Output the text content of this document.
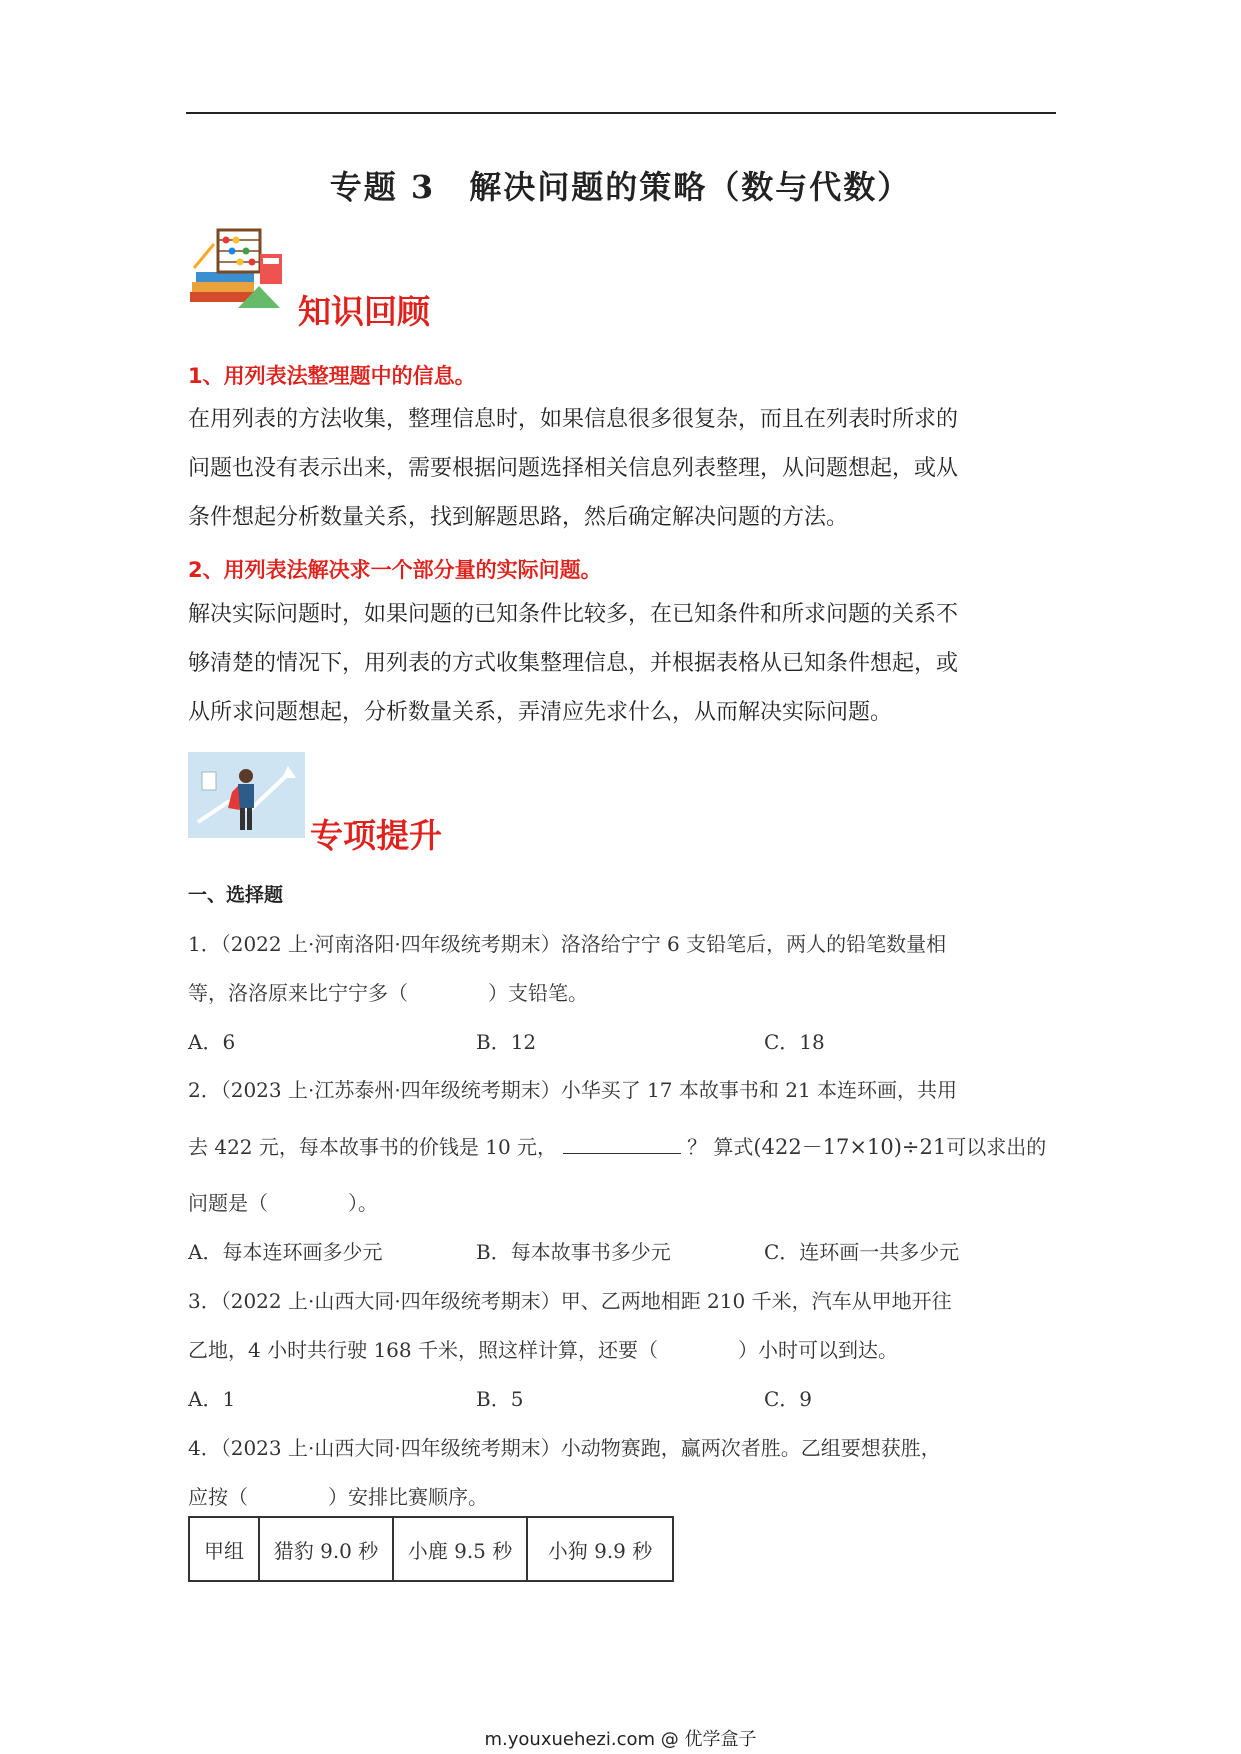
专题 3　解决问题的策略（数与代数）
知识回顾
1、用列表法整理题中的信息。
在用列表的方法收集，整理信息时，如果信息很多很复杂，而且在列表时所求的
问题也没有表示出来，需要根据问题选择相关信息列表整理，从问题想起，或从
条件想起分析数量关系，找到解题思路，然后确定解决问题的方法。
2、用列表法解决求一个部分量的实际问题。
解决实际问题时，如果问题的已知条件比较多，在已知条件和所求问题的关系不
够清楚的情况下，用列表的方式收集整理信息，并根据表格从已知条件想起，或
从所求问题想起，分析数量关系，弄清应先求什么，从而解决实际问题。
专项提升
一、选择题
1．（2022 上·河南洛阳·四年级统考期末）洛洛给宁宁 6 支铅笔后，两人的铅笔数量相
等，洛洛原来比宁宁多（　　　　）支铅笔。
A．6	B．12	C．18
2．（2023 上·江苏泰州·四年级统考期末）小华买了 17 本故事书和 21 本连环画，共用
去 422 元，每本故事书的价钱是 10 元，	？ 算式(422－17×10)÷21可以求出的
问题是（　　　　）。
A．每本连环画多少元	B．每本故事书多少元	C．连环画一共多少元
3．（2022 上·山西大同·四年级统考期末）甲、乙两地相距 210 千米，汽车从甲地开往
乙地，4 小时共行驶 168 千米，照这样计算，还要（　　　　）小时可以到达。
A．1	B．5	C．9
4．（2023 上·山西大同·四年级统考期末）小动物赛跑，赢两次者胜。乙组要想获胜，
应按（　　　　）安排比赛顺序。
甲组	猎豹 9.0 秒	小鹿 9.5 秒	小狗 9.9 秒
m.youxuehezi.com @ 优学盒子
